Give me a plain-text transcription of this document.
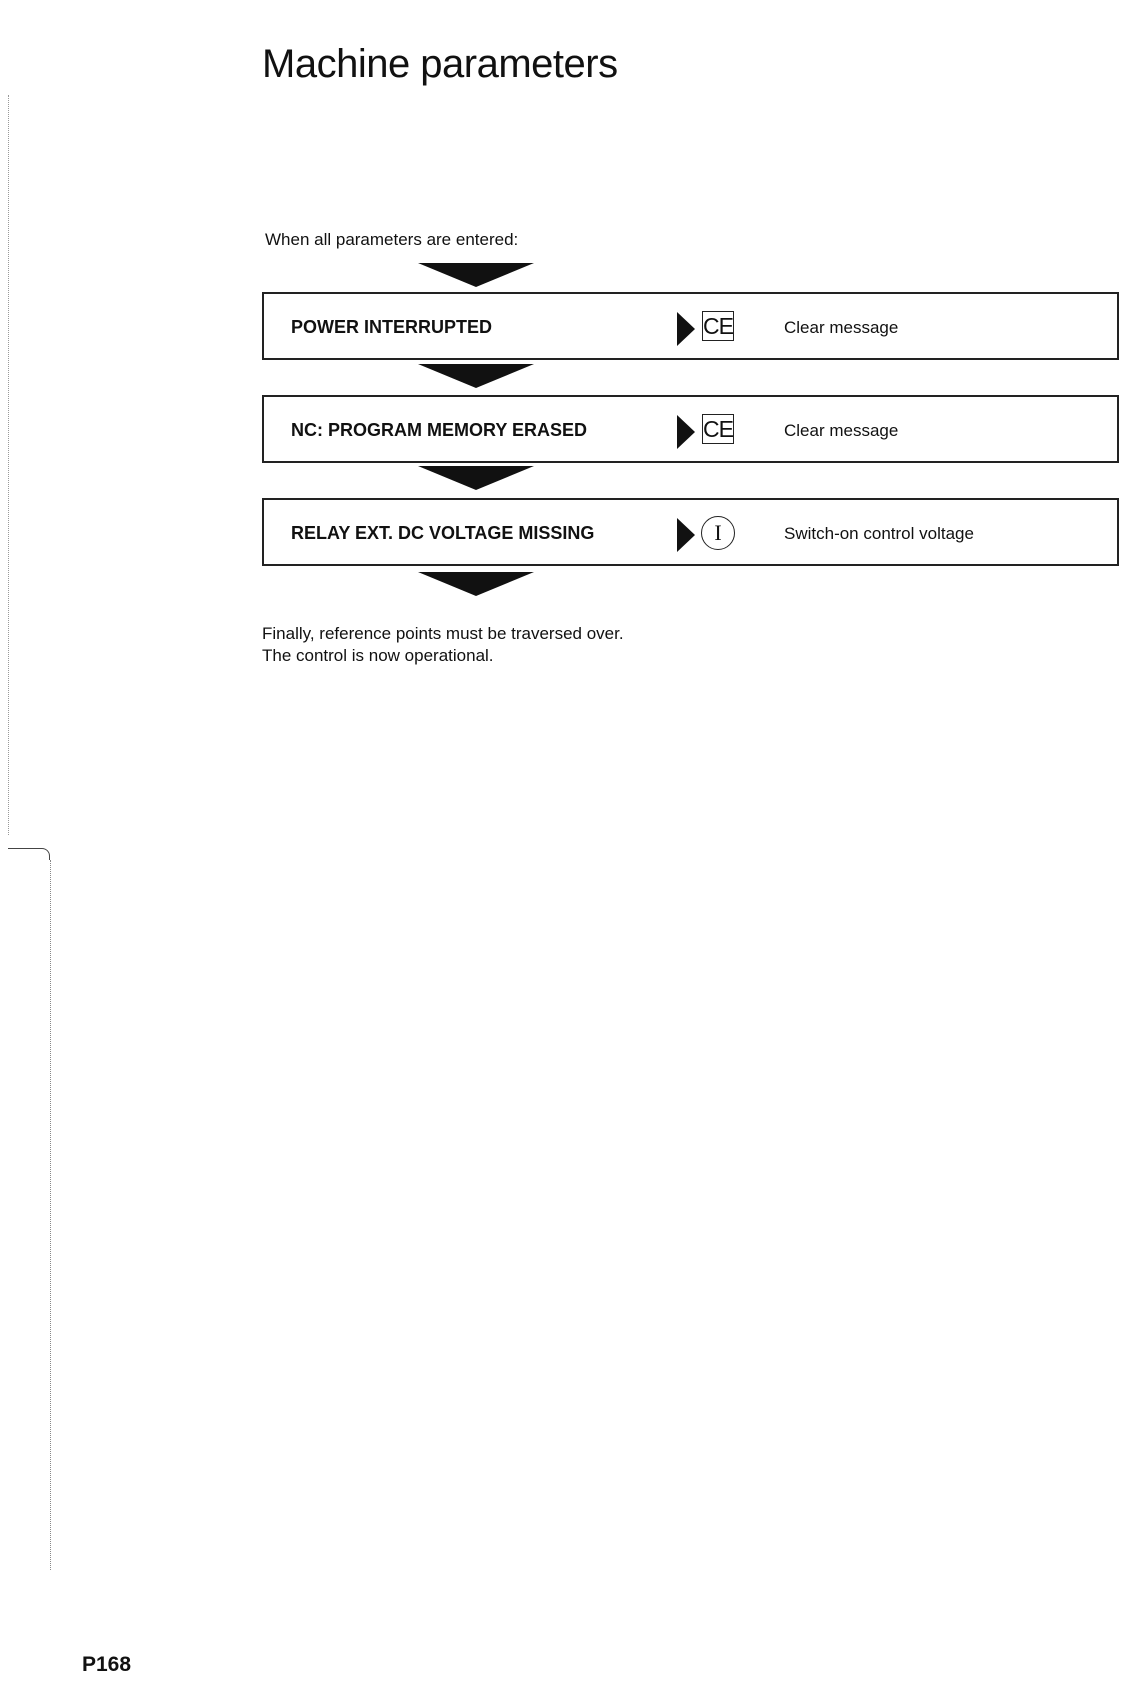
Machine parameters
When all parameters are entered:
POWER INTERRUPTED	CE	Clear message
NC: PROGRAM MEMORY ERASED	CE	Clear message
RELAY EXT. DC VOLTAGE MISSING	I	Switch-on control voltage
Finally, reference points must be traversed over.
The control is now operational.
P168
